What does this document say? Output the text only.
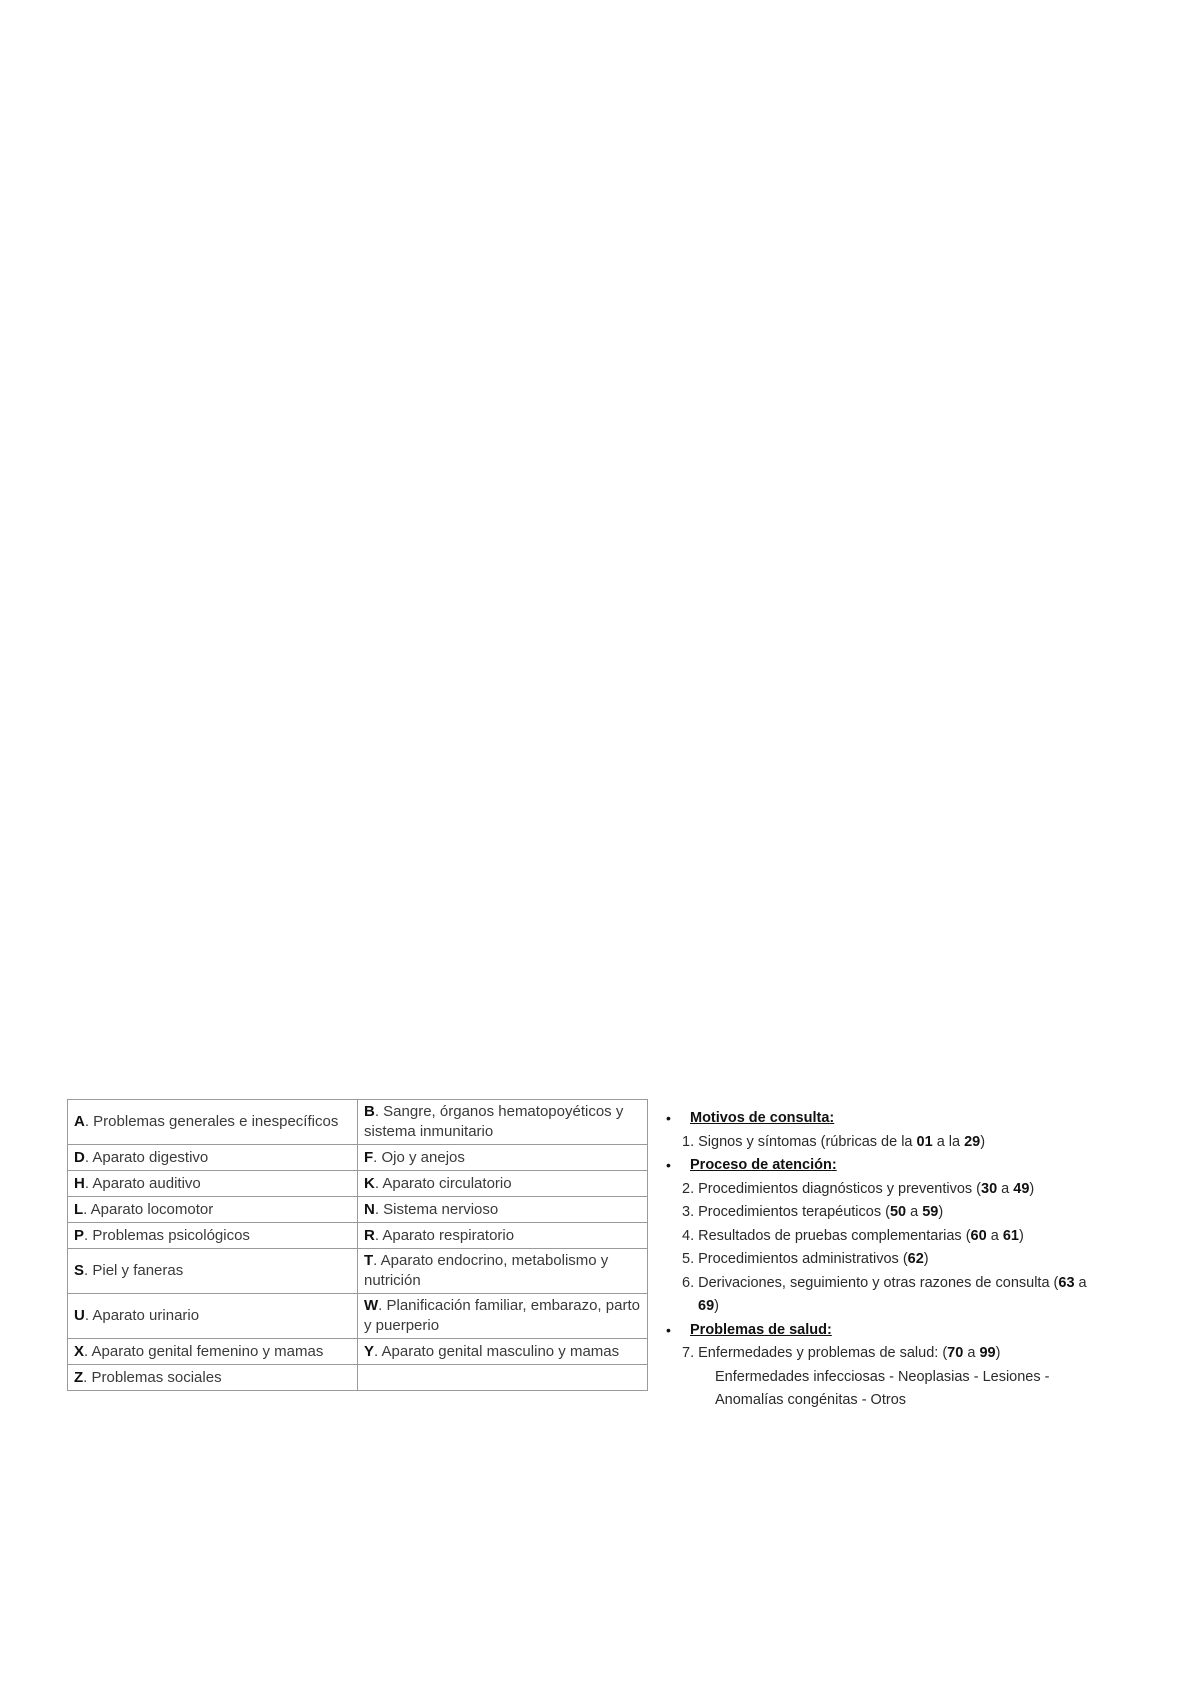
A. Problemas generales e inespecíficos	B. Sangre, órganos hematopoyéticos y sistema inmunitario
D. Aparato digestivo	F. Ojo y anejos
H. Aparato auditivo	K. Aparato circulatorio
L. Aparato locomotor	N. Sistema nervioso
P. Problemas psicológicos	R. Aparato respiratorio
S. Piel y faneras	T. Aparato endocrino, metabolismo y nutrición
U. Aparato urinario	W. Planificación familiar, embarazo, parto y puerperio
X. Aparato genital femenino y mamas	Y. Aparato genital masculino y mamas
Z. Problemas sociales	
• Motivos de consulta:
1. Signos y síntomas (rúbricas de la 01 a la 29)
• Proceso de atención:
2. Procedimientos diagnósticos y preventivos (30 a 49)
3. Procedimientos terapéuticos (50 a 59)
4. Resultados de pruebas complementarias (60 a 61)
5. Procedimientos administrativos (62)
6. Derivaciones, seguimiento y otras razones de consulta (63 a 69)
• Problemas de salud:
7. Enfermedades y problemas de salud: (70 a 99)
Enfermedades infecciosas - Neoplasias - Lesiones - Anomalías congénitas - Otros
